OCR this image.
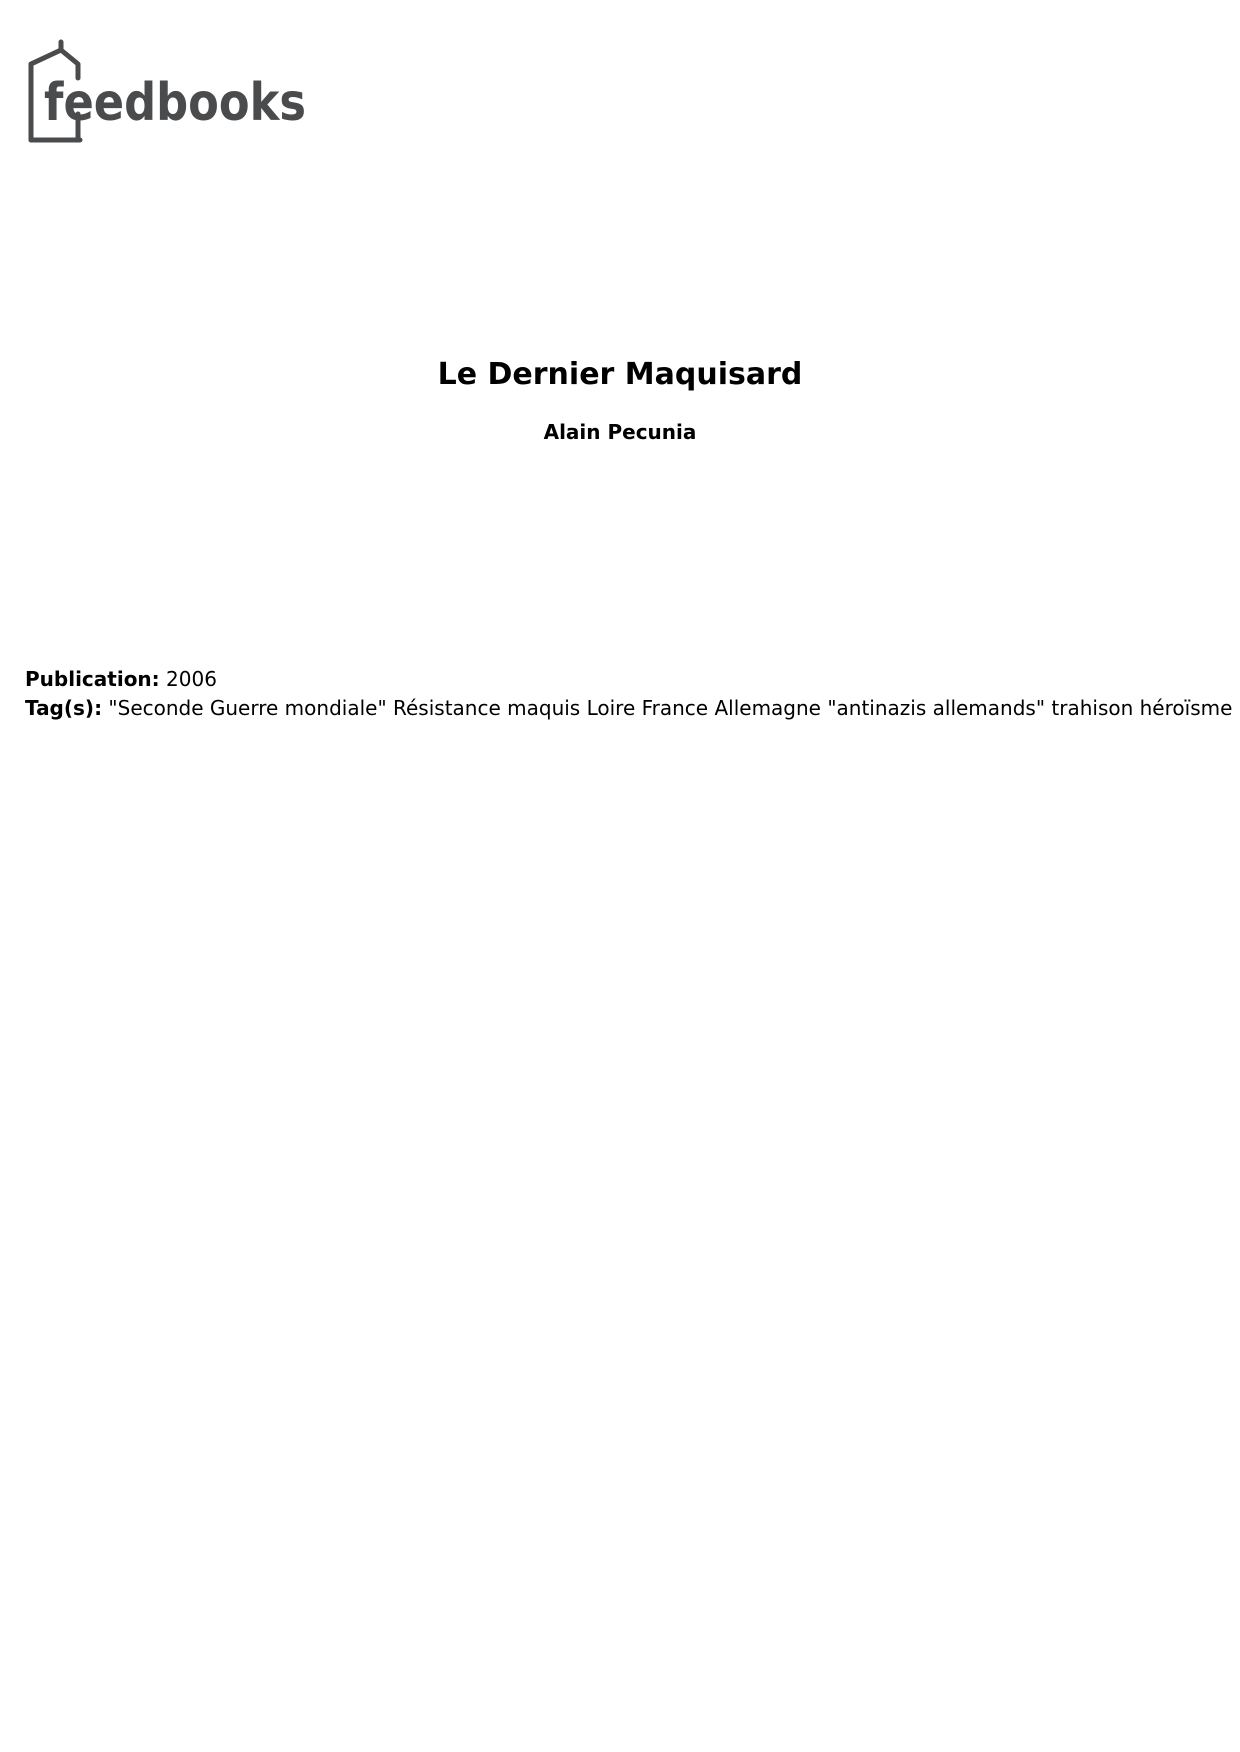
feedbooks
Le Dernier Maquisard
Alain Pecunia
Publication: 2006
Tag(s): "Seconde Guerre mondiale" Résistance maquis Loire France Allemagne "antinazis allemands" trahison héroïsme
